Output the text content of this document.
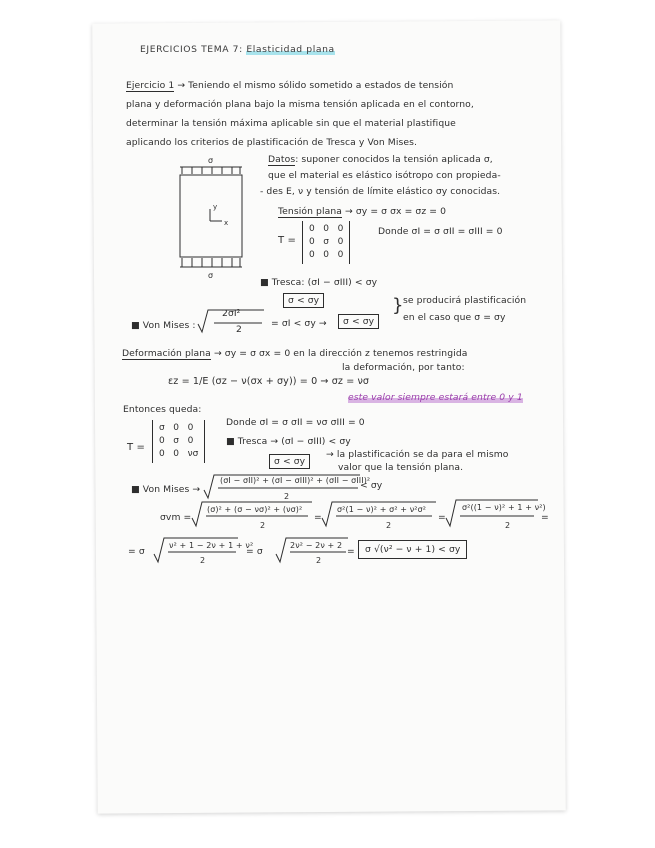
EJERCICIOS TEMA 7: Elasticidad plana
Ejercicio 1 → Teniendo el mismo sólido sometido a estados de tensión
plana y deformación plana bajo la misma tensión aplicada en el contorno,
determinar la tensión máxima aplicable sin que el material plastifique
aplicando los criterios de plastificación de Tresca y Von Mises.
σ
σ
y
x
Datos: suponer conocidos la tensión aplicada σ,
que el material es elástico isótropo con propieda-
- des E, ν y tensión de límite elástico σy conocidas.
Tensión plana → σy = σ σx = σz = 0
T =
0   0   0
0   σ   0
0   0   0
Donde σI = σ σII = σIII = 0
■ Tresca: (σI − σIII) < σy
σ < σy
■ Von Mises :
2σI²
2
= σI < σy →	σ < σy
} se producirá plastificación
en el caso que σ = σy
Deformación plana → σy = σ σx = 0 en la dirección z tenemos restringida
la deformación, por tanto:
εz = 1/E (σz − ν(σx + σy)) = 0 → σz = νσ
este valor siempre estará entre 0 y 1
Entonces queda:
T =
σ   0   0
0   σ   0
0   0   νσ
Donde σI = σ σII = νσ σIII = 0
■ Tresca → (σI − σIII) < σy
σ < σy
→ la plastificación se da para el mismo
valor que la tensión plana.
■ Von Mises →
(σI − σII)² + (σI − σIII)² + (σII − σIII)²
2
< σy
σvm =
(σ)² + (σ − νσ)² + (νσ)²
2
=
σ²(1 − ν)² + σ² + ν²σ²
2
=
σ²((1 − ν)² + 1 + ν²)
2
=
= σ
ν² + 1 − 2ν + 1 + ν²
2
= σ
2ν² − 2ν + 2
2
=	σ √(ν² − ν + 1) < σy
